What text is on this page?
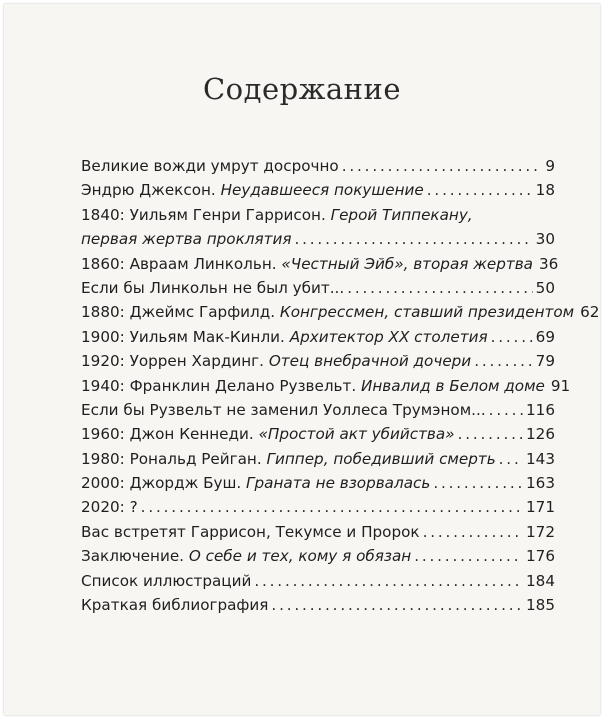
Содержание
Великие вожди умрут досрочно . . .	9
Эндрю Джексон. Неудавшееся покушение . . .	18
1840: Уильям Генри Гаррисон. Герой Типпекану,
первая жертва проклятия . . .	30
1860: Авраам Линкольн. «Честный Эйб», вторая жертва 36
Если бы Линкольн не был убит... . . .	50
1880: Джеймс Гарфилд. Конгрессмен, ставший президентом 62
1900: Уильям Мак-Кинли. Архитектор XX столетия . . .	69
1920: Уоррен Хардинг. Отец внебрачной дочери . . .	79
1940: Франклин Делано Рузвельт. Инвалид в Белом доме 91
Если бы Рузвельт не заменил Уоллеса Трумэном... . . .	116
1960: Джон Кеннеди. «Простой акт убийства» . . .	126
1980: Рональд Рейган. Гиппер, победивший смерть . . . 143
2000: Джордж Буш. Граната не взорвалась . . .	163
2020: ? . . .	171
Вас встретят Гаррисон, Текумсе и Пророк . . .	172
Заключение. О себе и тех, кому я обязан . . .	176
Список иллюстраций . . .	184
Краткая библиография . . .	185
